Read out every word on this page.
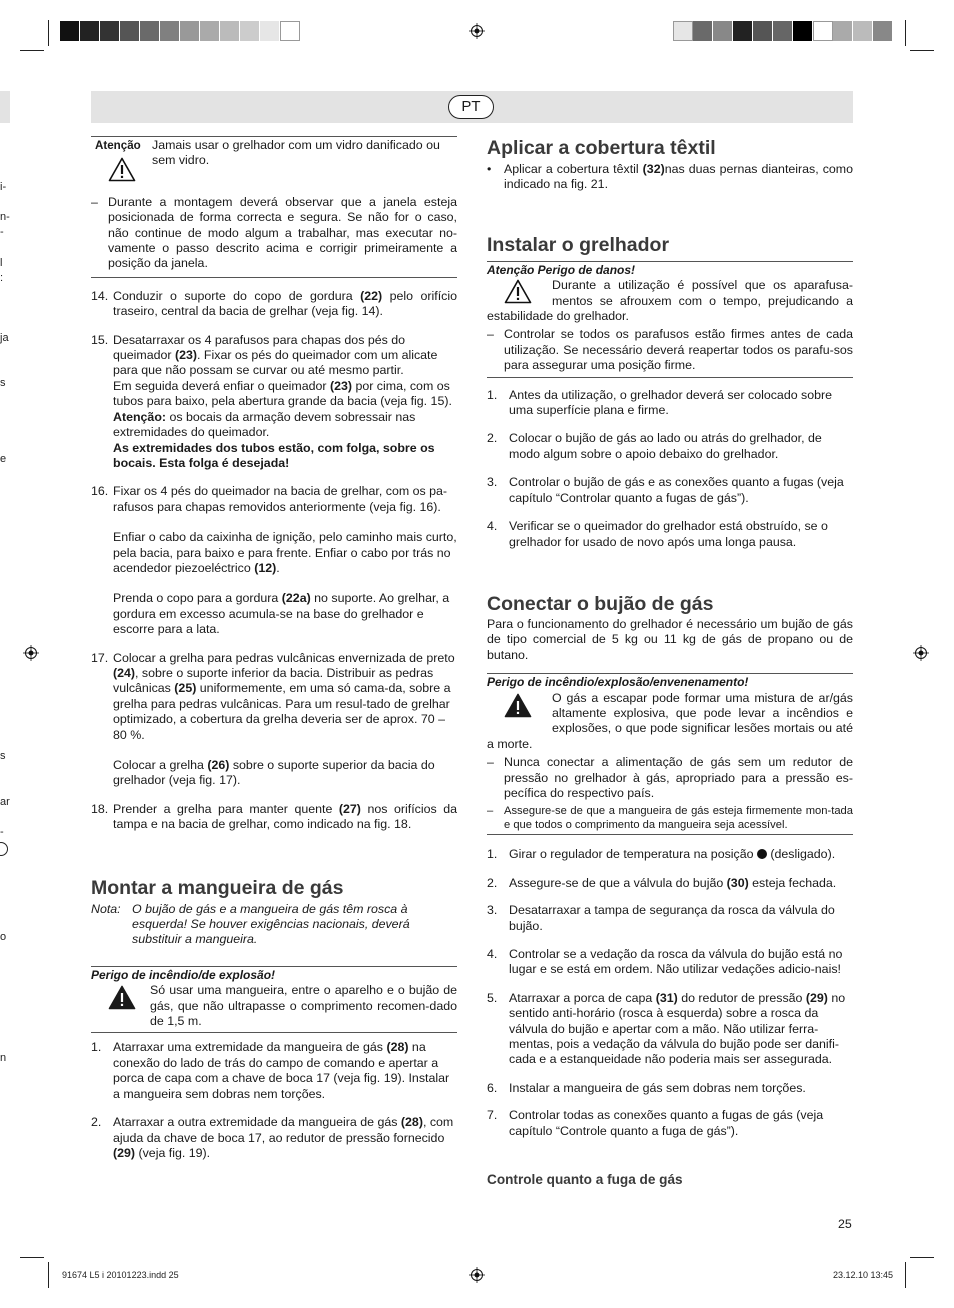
i-
n-
-
l
:
ja
s
e
s
ar
-
o
n
PT
Atenção Jamais usar o grelhador com um vidro danificado ou sem vidro.
– Durante a montagem deverá observar que a janela esteja posicionada de forma correcta e segura. Se não for o caso, não continue de modo algum a trabalhar, mas executar no-vamente o passo descrito acima e corrigir primeiramente a posição da janela.
14. Conduzir o suporte do copo de gordura (22) pelo orifício traseiro, central da bacia de grelhar (veja fig. 14).
15. Desatarraxar os 4 parafusos para chapas dos pés do queimador (23). Fixar os pés do queimador com um alicate para que não possam se curvar ou até mesmo partir.
Em seguida deverá enfiar o queimador (23) por cima, com os tubos para baixo, pela abertura grande da bacia (veja fig. 15).
Atenção: os bocais da armação devem sobressair nas extremidades do queimador.
As extremidades dos tubos estão, com folga, sobre os bocais. Esta folga é desejada!
16. Fixar os 4 pés do queimador na bacia de grelhar, com os pa-rafusos para chapas removidos anteriormente (veja fig. 16).
Enfiar o cabo da caixinha de ignição, pelo caminho mais curto, pela bacia, para baixo e para frente. Enfiar o cabo por trás no acendedor piezoeléctrico (12).
Prenda o copo para a gordura (22a) no suporte. Ao grelhar, a gordura em excesso acumula-se na base do grelhador e escorre para a lata.
17. Colocar a grelha para pedras vulcânicas envernizada de preto (24), sobre o suporte inferior da bacia. Distribuir as pedras vulcânicas (25) uniformemente, em uma só cama-da, sobre a grelha para pedras vulcânicas. Para um resul-tado de grelhar optimizado, a cobertura da grelha deveria ser de aprox. 70 – 80 %.
Colocar a grelha (26) sobre o suporte superior da bacia do grelhador (veja fig. 17).
18. Prender a grelha para manter quente (27) nos orifícios da tampa e na bacia de grelhar, como indicado na fig. 18.
Montar a mangueira de gás
Nota: O bujão de gás e a mangueira de gás têm rosca à esquerda! Se houver exigências nacionais, deverá substituir a mangueira.
Perigo de incêndio/de explosão!
Só usar uma mangueira, entre o aparelho e o bujão de gás, que não ultrapasse o comprimento recomen-dado de 1,5 m.
1. Atarraxar uma extremidade da mangueira de gás (28) na conexão do lado de trás do campo de comando e apertar a porca de capa com a chave de boca 17 (veja fig. 19). Instalar a mangueira sem dobras nem torções.
2. Atarraxar a outra extremidade da mangueira de gás (28), com ajuda da chave de boca 17, ao redutor de pressão fornecido (29) (veja fig. 19).
Aplicar a cobertura têxtil
• Aplicar a cobertura têxtil (32)nas duas pernas dianteiras, como indicado na fig. 21.
Instalar o grelhador
Atenção Perigo de danos!
Durante a utilização é possível que os aparafusa-mentos se afrouxem com o tempo, prejudicando a estabilidade do grelhador.
– Controlar se todos os parafusos estão firmes antes de cada utilização. Se necessário deverá reapertar todos os parafu-sos para assegurar uma posição firme.
1. Antes da utilização, o grelhador deverá ser colocado sobre uma superfície plana e firme.
2. Colocar o bujão de gás ao lado ou atrás do grelhador, de modo algum sobre o apoio debaixo do grelhador.
3. Controlar o bujão de gás e as conexões quanto a fugas (veja capítulo “Controlar quanto a fugas de gás”).
4. Verificar se o queimador do grelhador está obstruído, se o grelhador for usado de novo após uma longa pausa.
Conectar o bujão de gás
Para o funcionamento do grelhador é necessário um bujão de gás de tipo comercial de 5 kg ou 11 kg de gás de propano ou de butano.
Perigo de incêndio/explosão/envenenamento!
O gás a escapar pode formar uma mistura de ar/gás altamente explosiva, que pode levar a incêndios e explosões, o que pode significar lesões mortais ou até a morte.
– Nunca conectar a alimentação de gás sem um redutor de pressão no grelhador à gás, apropriado para a pressão es-pecífica do respectivo país.
– Assegure-se de que a mangueira de gás esteja firmemente mon-tada e que todos o comprimento da mangueira seja acessível.
1. Girar o regulador de temperatura na posição  (desligado).
2. Assegure-se de que a válvula do bujão (30) esteja fechada.
3. Desatarraxar a tampa de segurança da rosca da válvula do bujão.
4. Controlar se a vedação da rosca da válvula do bujão está no lugar e se está em ordem. Não utilizar vedações adicio-nais!
5. Atarraxar a porca de capa (31) do redutor de pressão (29) no sentido anti-horário (rosca à esquerda) sobre a rosca da válvula do bujão e apertar com a mão. Não utilizar ferra-mentas, pois a vedação da válvula do bujão pode ser danifi-cada e a estanqueidade não poderia mais ser assegurada.
6. Instalar a mangueira de gás sem dobras nem torções.
7. Controlar todas as conexões quanto a fugas de gás (veja capítulo “Controle quanto a fuga de gás”).
Controle quanto a fuga de gás
25
91674 L5 i 20101223.indd 25	23.12.10 13:45
